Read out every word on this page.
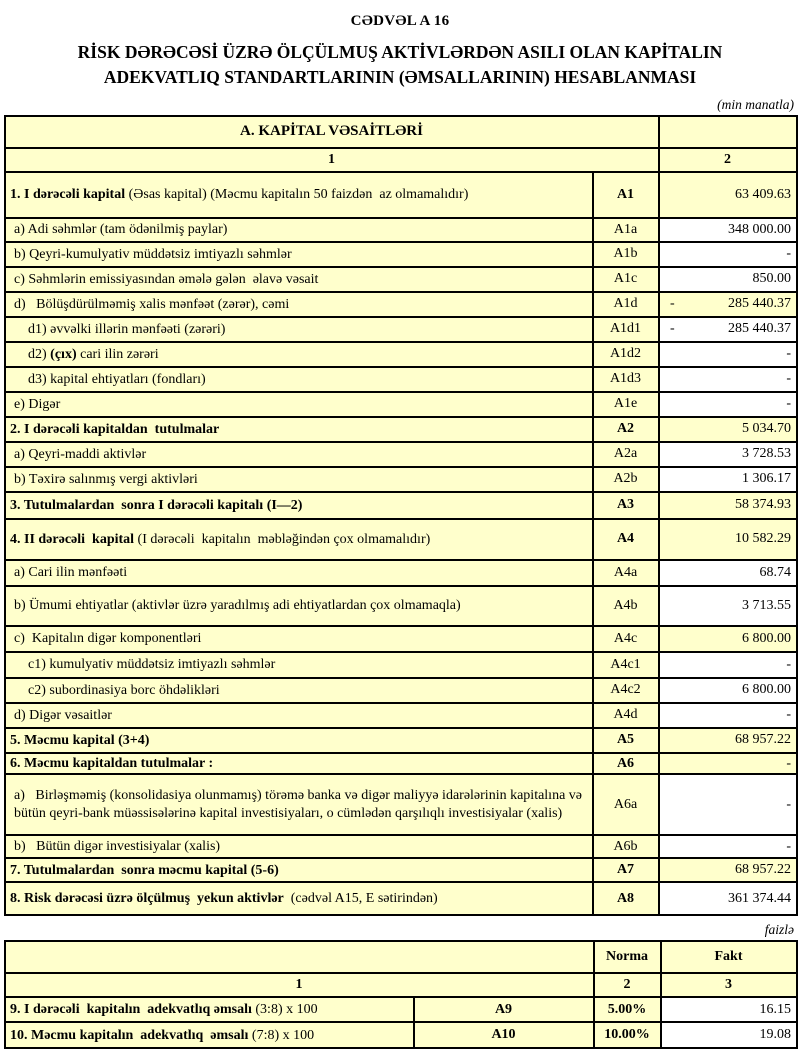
CƏDVƏL A 16
RİSK DƏRƏCƏSİ ÜZRƏ ÖLÇÜLMUŞ AKTİVLƏRDƏN ASILI OLAN KAPİTALIN ADEKVATLIQ STANDARTLARININ (ƏMSALLARININ) HESABLANMASI
(min manatla)
A. KAPİTAL VƏSAİTLƏRİ		
1		2
1. I dərəcəli kapital (Əsas kapital) (Məcmu kapitalın 50 faizdən  az olmamalıdır)	A1	63 409.63
a) Adi səhmlər (tam ödənilmiş paylar)	A1a	348 000.00
b) Qeyri-kumulyativ müddətsiz imtiyazlı səhmlər	A1b	-
c) Səhmlərin emissiyasından əmələ gələn  əlavə vəsait	A1c	850.00
d)   Bölüşdürülməmiş xalis mənfəət (zərər), cəmi	A1d	- 285 440.37
d1) əvvəlki illərin mənfəəti (zərəri)	A1d1	- 285 440.37
d2) (çıx) cari ilin zərəri	A1d2	-
d3) kapital ehtiyatları (fondları)	A1d3	-
e) Digər	A1e	-
2. I dərəcəli kapitaldan  tutulmalar	A2	5 034.70
a) Qeyri-maddi aktivlər	A2a	3 728.53
b) Təxirə salınmış vergi aktivləri	A2b	1 306.17
3. Tutulmalardan  sonra I dərəcəli kapitalı (I—2)	A3	58 374.93
4. II dərəcəli  kapital (I dərəcəli  kapitalın  məbləğindən çox olmamalıdır)	A4	10 582.29
a) Cari ilin mənfəəti	A4a	68.74
b) Ümumi ehtiyatlar (aktivlər üzrə yaradılmış adi ehtiyatlardan çox olmamaqla)	A4b	3 713.55
c)  Kapitalın digər komponentləri	A4c	6 800.00
c1) kumulyativ müddətsiz imtiyazlı səhmlər	A4c1	-
c2) subordinasiya borc öhdəlikləri	A4c2	6 800.00
d) Digər vəsaitlər	A4d	-
5. Məcmu kapital (3+4)	A5	68 957.22
6. Məcmu kapitaldan tutulmalar :	A6	-
a)   Birləşməmiş (konsolidasiya olunmamış) törəmə banka və digər maliyyə idarələrinin kapitalına və bütün qeyri-bank müəssisələrinə kapital investisiyaları, o cümlədən qarşılıqlı investisiyalar (xalis)	A6a	-
b)   Bütün digər investisiyalar (xalis)	A6b	-
7. Tutulmalardan  sonra məcmu kapital (5-6)	A7	68 957.22
8. Risk dərəcəsi üzrə ölçülmuş  yekun aktivlər  (cədvəl A15, E sətirindən)	A8	361 374.44
faizlə
		Norma	Fakt
1		2	3
9. I dərəcəli  kapitalın  adekvatlıq əmsalı (3:8) x 100	A9	5.00%	16.15
10. Məcmu kapitalın  adekvatlıq  əmsalı (7:8) x 100	A10	10.00%	19.08
